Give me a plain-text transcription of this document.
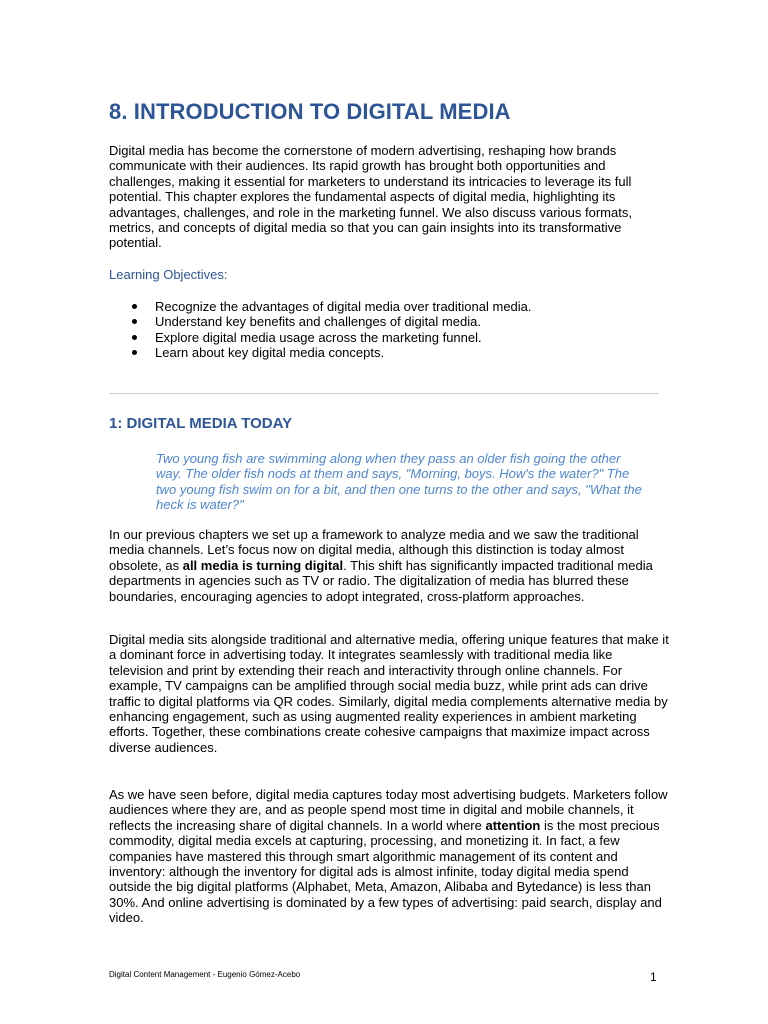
8. INTRODUCTION TO DIGITAL MEDIA

Digital media has become the cornerstone of modern advertising, reshaping how brands communicate with their audiences. Its rapid growth has brought both opportunities and challenges, making it essential for marketers to understand its intricacies to leverage its full potential. This chapter explores the fundamental aspects of digital media, highlighting its advantages, challenges, and role in the marketing funnel. We also discuss various formats, metrics, and concepts of digital media so that you can gain insights into its transformative potential.

Learning Objectives:
Recognize the advantages of digital media over traditional media.
Understand key benefits and challenges of digital media.
Explore digital media usage across the marketing funnel.
Learn about key digital media concepts.
1: DIGITAL MEDIA TODAY

Two young fish are swimming along when they pass an older fish going the other way. The older fish nods at them and says, "Morning, boys. How's the water?" The two young fish swim on for a bit, and then one turns to the other and says, "What the heck is water?"

In our previous chapters we set up a framework to analyze media and we saw the traditional media channels. Let’s focus now on digital media, although this distinction is today almost obsolete, as all media is turning digital. This shift has significantly impacted traditional media departments in agencies such as TV or radio. The digitalization of media has blurred these boundaries, encouraging agencies to adopt integrated, cross-platform approaches.

Digital media sits alongside traditional and alternative media, offering unique features that make it a dominant force in advertising today. It integrates seamlessly with traditional media like television and print by extending their reach and interactivity through online channels. For example, TV campaigns can be amplified through social media buzz, while print ads can drive traffic to digital platforms via QR codes. Similarly, digital media complements alternative media by enhancing engagement, such as using augmented reality experiences in ambient marketing efforts. Together, these combinations create cohesive campaigns that maximize impact across diverse audiences.

As we have seen before, digital media captures today most advertising budgets. Marketers follow audiences where they are, and as people spend most time in digital and mobile channels, it reflects the increasing share of digital channels. In a world where attention is the most precious commodity, digital media excels at capturing, processing, and monetizing it. In fact, a few companies have mastered this through smart algorithmic management of its content and inventory: although the inventory for digital ads is almost infinite, today digital media spend outside the big digital platforms (Alphabet, Meta, Amazon, Alibaba and Bytedance) is less than 30%. And online advertising is dominated by a few types of advertising: paid search, display and video.

Digital Content Management - Eugenio Gómez-Acebo	1
